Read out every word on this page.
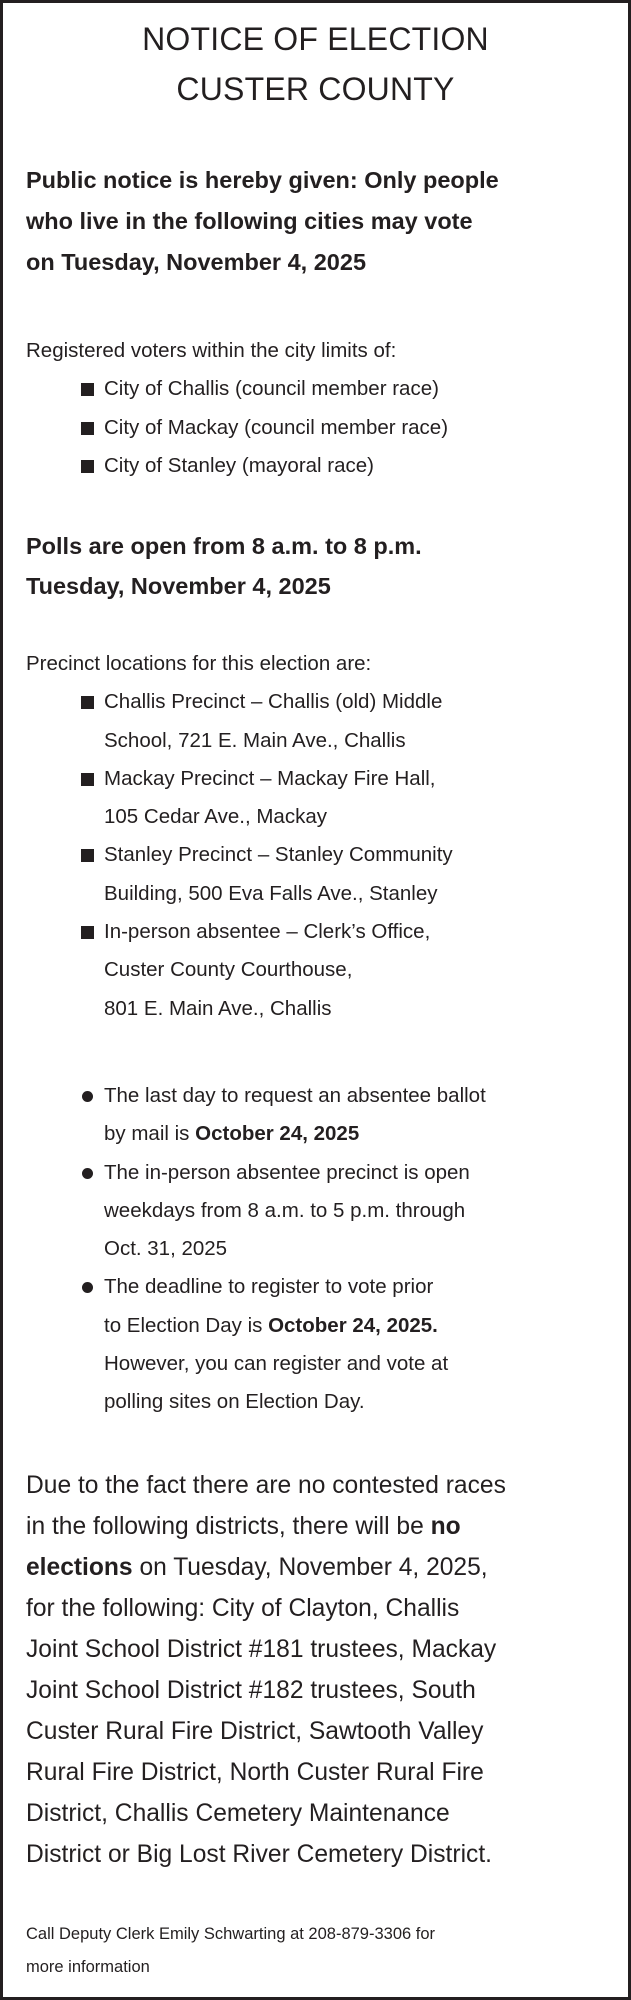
NOTICE OF ELECTION
CUSTER COUNTY
Public notice is hereby given: Only people
who live in the following cities may vote
on Tuesday, November 4, 2025
Registered voters within the city limits of:
City of Challis (council member race)
City of Mackay (council member race)
City of Stanley (mayoral race)
Polls are open from 8 a.m. to 8 p.m.
Tuesday, November 4, 2025
Precinct locations for this election are:
Challis Precinct – Challis (old) Middle
School, 721 E. Main Ave., Challis
Mackay Precinct – Mackay Fire Hall,
105 Cedar Ave., Mackay
Stanley Precinct – Stanley Community
Building, 500 Eva Falls Ave., Stanley
In-person absentee – Clerk’s Office,
Custer County Courthouse,
801 E. Main Ave., Challis
The last day to request an absentee ballot
by mail is October 24, 2025
The in-person absentee precinct is open
weekdays from 8 a.m. to 5 p.m. through
Oct. 31, 2025
The deadline to register to vote prior
to Election Day is October 24, 2025.
However, you can register and vote at
polling sites on Election Day.
Due to the fact there are no contested races
in the following districts, there will be no
elections on Tuesday, November 4, 2025,
for the following: City of Clayton, Challis
Joint School District #181 trustees, Mackay
Joint School District #182 trustees, South
Custer Rural Fire District, Sawtooth Valley
Rural Fire District, North Custer Rural Fire
District, Challis Cemetery Maintenance
District or Big Lost River Cemetery District.
Call Deputy Clerk Emily Schwarting at 208-879-3306 for
more information
